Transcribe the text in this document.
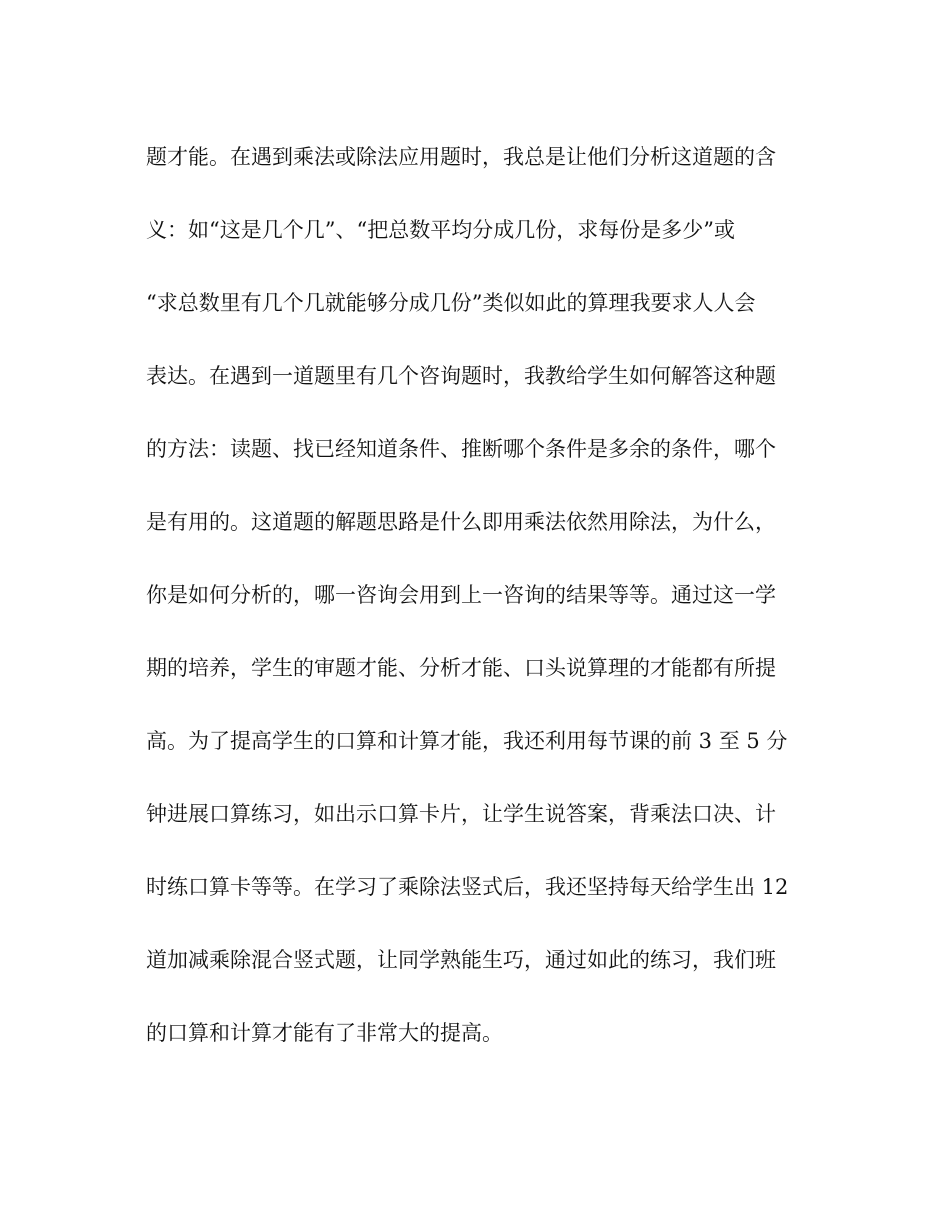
题才能。在遇到乘法或除法应用题时，我总是让他们分析这道题的含
义：如“这是几个几”、“把总数平均分成几份，求每份是多少”或
“求总数里有几个几就能够分成几份”类似如此的算理我要求人人会
表达。在遇到一道题里有几个咨询题时，我教给学生如何解答这种题
的方法：读题、找已经知道条件、推断哪个条件是多余的条件，哪个
是有用的。这道题的解题思路是什么即用乘法依然用除法，为什么，
你是如何分析的，哪一咨询会用到上一咨询的结果等等。通过这一学
期的培养，学生的审题才能、分析才能、口头说算理的才能都有所提
高。为了提高学生的口算和计算才能，我还利用每节课的前 3 至 5 分
钟进展口算练习，如出示口算卡片，让学生说答案，背乘法口决、计
时练口算卡等等。在学习了乘除法竖式后，我还坚持每天给学生出 12
道加减乘除混合竖式题，让同学熟能生巧，通过如此的练习，我们班
的口算和计算才能有了非常大的提高。
